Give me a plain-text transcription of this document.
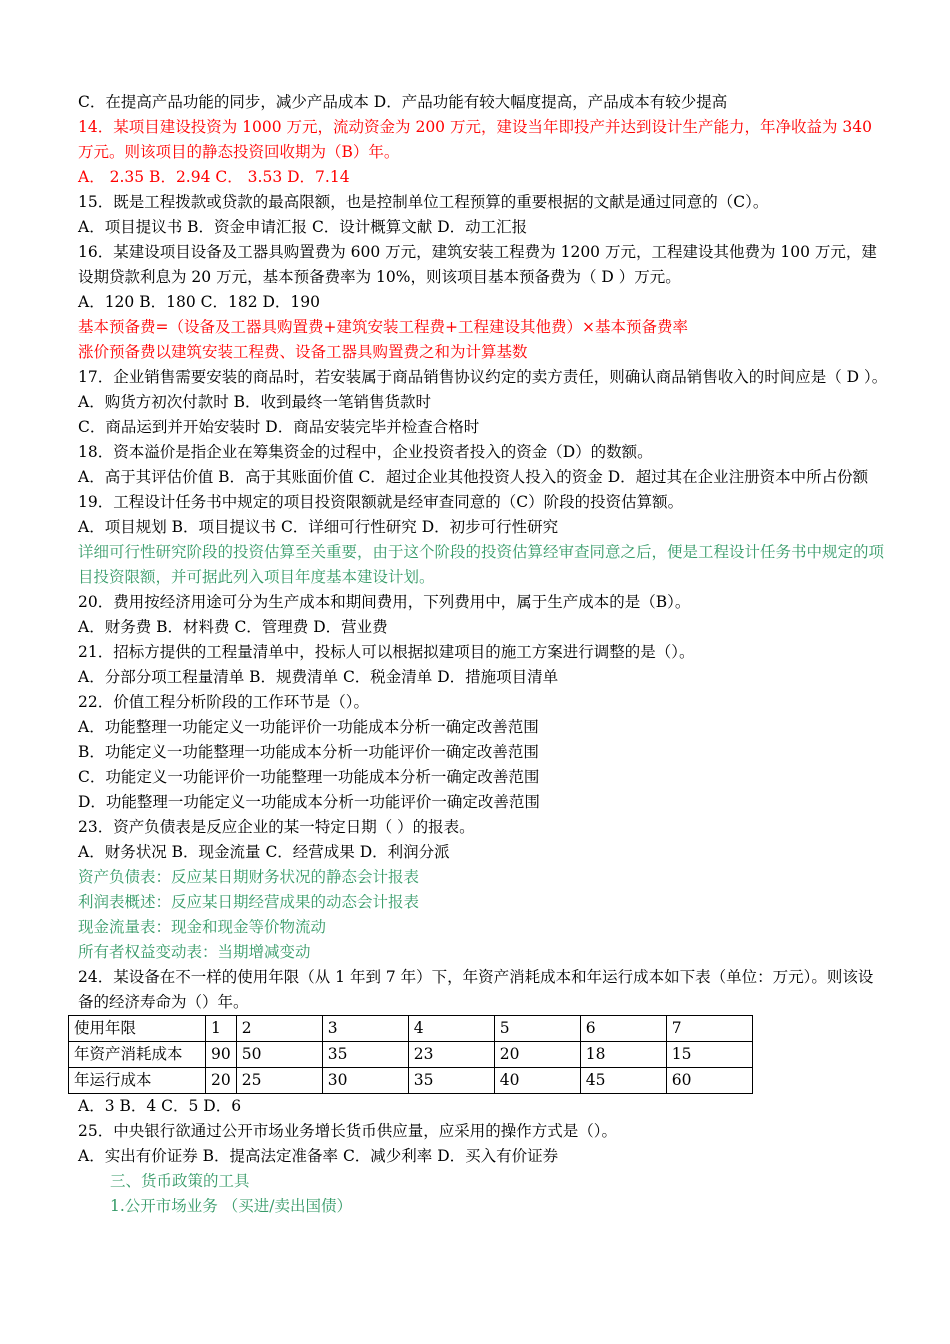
C．在提高产品功能的同步，减少产品成本 D．产品功能有较大幅度提高，产品成本有较少提高
14．某项目建设投资为 1000 万元，流动资金为 200 万元，建设当年即投产并达到设计生产能力，年净收益为 340 万元。则该项目的静态投资回收期为（B）年。
A． 2.35 B．2.94 C． 3.53 D．7.14
15．既是工程拨款或贷款的最高限额，也是控制单位工程预算的重要根据的文献是通过同意的（C）。
A．项目提议书 B．资金申请汇报 C．设计概算文献 D．动工汇报
16．某建设项目设备及工器具购置费为 600 万元，建筑安装工程费为 1200 万元，工程建设其他费为 100 万元，建设期贷款利息为 20 万元，基本预备费率为 10%，则该项目基本预备费为（ D ）万元。
A．120 B．180 C．182 D．190
基本预备费=（设备及工器具购置费+建筑安装工程费+工程建设其他费）×基本预备费率
涨价预备费以建筑安装工程费、设备工器具购置费之和为计算基数
17．企业销售需要安装的商品时，若安装属于商品销售协议约定的卖方责任，则确认商品销售收入的时间应是（ D ）。A．购货方初次付款时 B．收到最终一笔销售货款时
C．商品运到并开始安装时 D．商品安装完毕并检查合格时
18．资本溢价是指企业在筹集资金的过程中，企业投资者投入的资金（D）的数额。
A．高于其评估价值 B．高于其账面价值 C．超过企业其他投资人投入的资金 D．超过其在企业注册资本中所占份额
19．工程设计任务书中规定的项目投资限额就是经审查同意的（C）阶段的投资估算额。
A．项目规划 B．项目提议书 C．详细可行性研究 D．初步可行性研究
详细可行性研究阶段的投资估算至关重要，由于这个阶段的投资估算经审查同意之后，便是工程设计任务书中规定的项目投资限额，并可据此列入项目年度基本建设计划。
20．费用按经济用途可分为生产成本和期间费用，下列费用中，属于生产成本的是（B）。
A．财务费 B．材料费 C．管理费 D．营业费
21．招标方提供的工程量清单中，投标人可以根据拟建项目的施工方案进行调整的是（）。
A．分部分项工程量清单 B．规费清单 C．税金清单 D．措施项目清单
22．价值工程分析阶段的工作环节是（）。
A．功能整理一功能定义一功能评价一功能成本分析一确定改善范围
B．功能定义一功能整理一功能成本分析一功能评价一确定改善范围
C．功能定义一功能评价一功能整理一功能成本分析一确定改善范围
D．功能整理一功能定义一功能成本分析一功能评价一确定改善范围
23．资产负债表是反应企业的某一特定日期（ ）的报表。
A．财务状况 B．现金流量 C．经营成果 D．利润分派
资产负债表：反应某日期财务状况的静态会计报表
利润表概述：反应某日期经营成果的动态会计报表
现金流量表：现金和现金等价物流动
所有者权益变动表：当期增减变动
24．某设备在不一样的使用年限（从 1 年到 7 年）下，年资产消耗成本和年运行成本如下表（单位：万元）。则该设备的经济寿命为（）年。
使用年限	1	2	3	4	5	6	7
年资产消耗成本	90	50	35	23	20	18	15
年运行成本	20	25	30	35	40	45	60
A．3 B．4 C．5 D．6
25．中央银行欲通过公开市场业务增长货币供应量，应采用的操作方式是（）。
A．实出有价证券 B．提高法定准备率 C．减少利率 D．买入有价证券
三、货币政策的工具
1.公开市场业务 （买进/卖出国债）
